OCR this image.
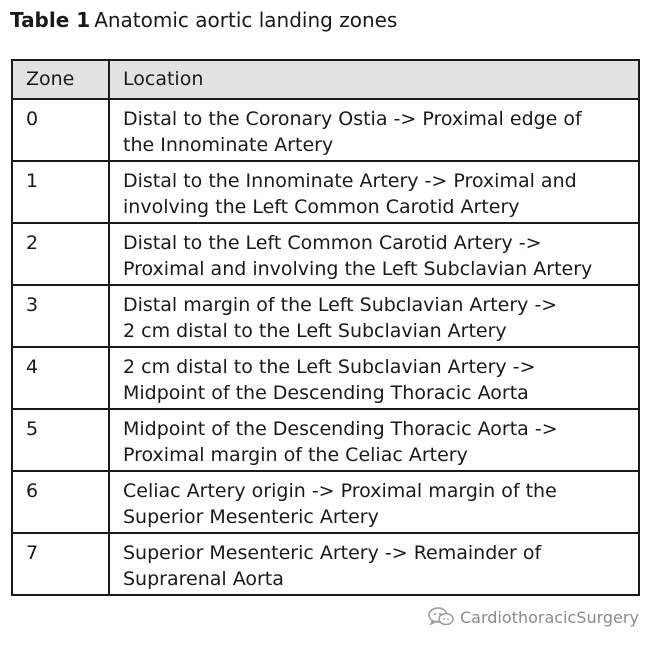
Table 1 Anatomic aortic landing zones
Zone	Location
0	Distal to the Coronary Ostia -> Proximal edge of
the Innominate Artery
1	Distal to the Innominate Artery -> Proximal and
involving the Left Common Carotid Artery
2	Distal to the Left Common Carotid Artery ->
Proximal and involving the Left Subclavian Artery
3	Distal margin of the Left Subclavian Artery ->
2 cm distal to the Left Subclavian Artery
4	2 cm distal to the Left Subclavian Artery ->
Midpoint of the Descending Thoracic Aorta
5	Midpoint of the Descending Thoracic Aorta ->
Proximal margin of the Celiac Artery
6	Celiac Artery origin -> Proximal margin of the
Superior Mesenteric Artery
7	Superior Mesenteric Artery -> Remainder of
Suprarenal Aorta
CardiothoracicSurgery
